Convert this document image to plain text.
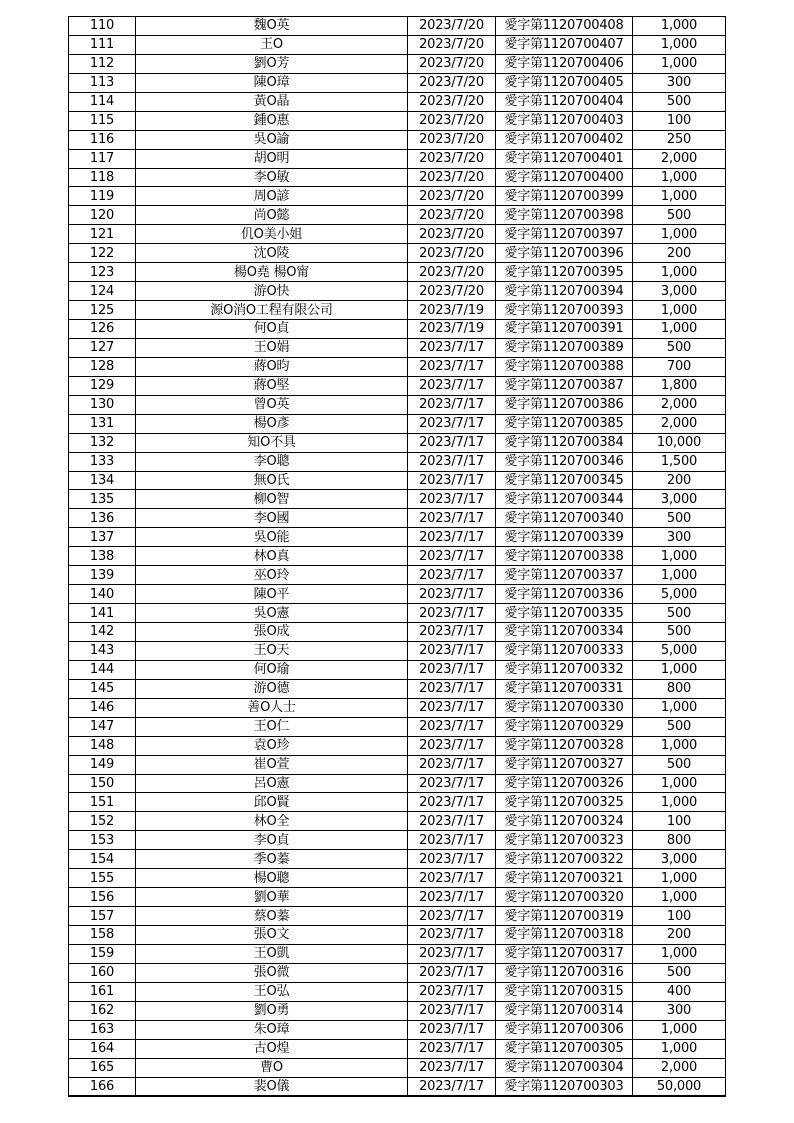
110	魏O英	2023/7/20	愛字第1120700408	1,000
111	王O	2023/7/20	愛字第1120700407	1,000
112	劉O芳	2023/7/20	愛字第1120700406	1,000
113	陳O璋	2023/7/20	愛字第1120700405	300
114	黃O晶	2023/7/20	愛字第1120700404	500
115	鍾O惠	2023/7/20	愛字第1120700403	100
116	吳O諭	2023/7/20	愛字第1120700402	250
117	胡O明	2023/7/20	愛字第1120700401	2,000
118	李O敏	2023/7/20	愛字第1120700400	1,000
119	周O諺	2023/7/20	愛字第1120700399	1,000
120	尚O懿	2023/7/20	愛字第1120700398	500
121	仉O美小姐	2023/7/20	愛字第1120700397	1,000
122	沈O陵	2023/7/20	愛字第1120700396	200
123	楊O堯 楊O甯	2023/7/20	愛字第1120700395	1,000
124	游O快	2023/7/20	愛字第1120700394	3,000
125	源O消O工程有限公司	2023/7/19	愛字第1120700393	1,000
126	何O貞	2023/7/19	愛字第1120700391	1,000
127	王O娟	2023/7/17	愛字第1120700389	500
128	蔣O昀	2023/7/17	愛字第1120700388	700
129	蔣O堅	2023/7/17	愛字第1120700387	1,800
130	曾O英	2023/7/17	愛字第1120700386	2,000
131	楊O彥	2023/7/17	愛字第1120700385	2,000
132	知O不具	2023/7/17	愛字第1120700384	10,000
133	李O聰	2023/7/17	愛字第1120700346	1,500
134	無O氏	2023/7/17	愛字第1120700345	200
135	柳O智	2023/7/17	愛字第1120700344	3,000
136	李O國	2023/7/17	愛字第1120700340	500
137	吳O能	2023/7/17	愛字第1120700339	300
138	林O真	2023/7/17	愛字第1120700338	1,000
139	巫O玲	2023/7/17	愛字第1120700337	1,000
140	陳O平	2023/7/17	愛字第1120700336	5,000
141	吳O憲	2023/7/17	愛字第1120700335	500
142	張O成	2023/7/17	愛字第1120700334	500
143	王O天	2023/7/17	愛字第1120700333	5,000
144	何O瑜	2023/7/17	愛字第1120700332	1,000
145	游O德	2023/7/17	愛字第1120700331	800
146	善O人士	2023/7/17	愛字第1120700330	1,000
147	王O仁	2023/7/17	愛字第1120700329	500
148	袁O珍	2023/7/17	愛字第1120700328	1,000
149	崔O萱	2023/7/17	愛字第1120700327	500
150	呂O憲	2023/7/17	愛字第1120700326	1,000
151	邱O賢	2023/7/17	愛字第1120700325	1,000
152	林O全	2023/7/17	愛字第1120700324	100
153	李O貞	2023/7/17	愛字第1120700323	800
154	季O蓁	2023/7/17	愛字第1120700322	3,000
155	楊O聰	2023/7/17	愛字第1120700321	1,000
156	劉O華	2023/7/17	愛字第1120700320	1,000
157	蔡O蓁	2023/7/17	愛字第1120700319	100
158	張O文	2023/7/17	愛字第1120700318	200
159	王O凱	2023/7/17	愛字第1120700317	1,000
160	張O微	2023/7/17	愛字第1120700316	500
161	王O弘	2023/7/17	愛字第1120700315	400
162	劉O勇	2023/7/17	愛字第1120700314	300
163	朱O璋	2023/7/17	愛字第1120700306	1,000
164	古O煌	2023/7/17	愛字第1120700305	1,000
165	曹O	2023/7/17	愛字第1120700304	2,000
166	裴O儀	2023/7/17	愛字第1120700303	50,000
